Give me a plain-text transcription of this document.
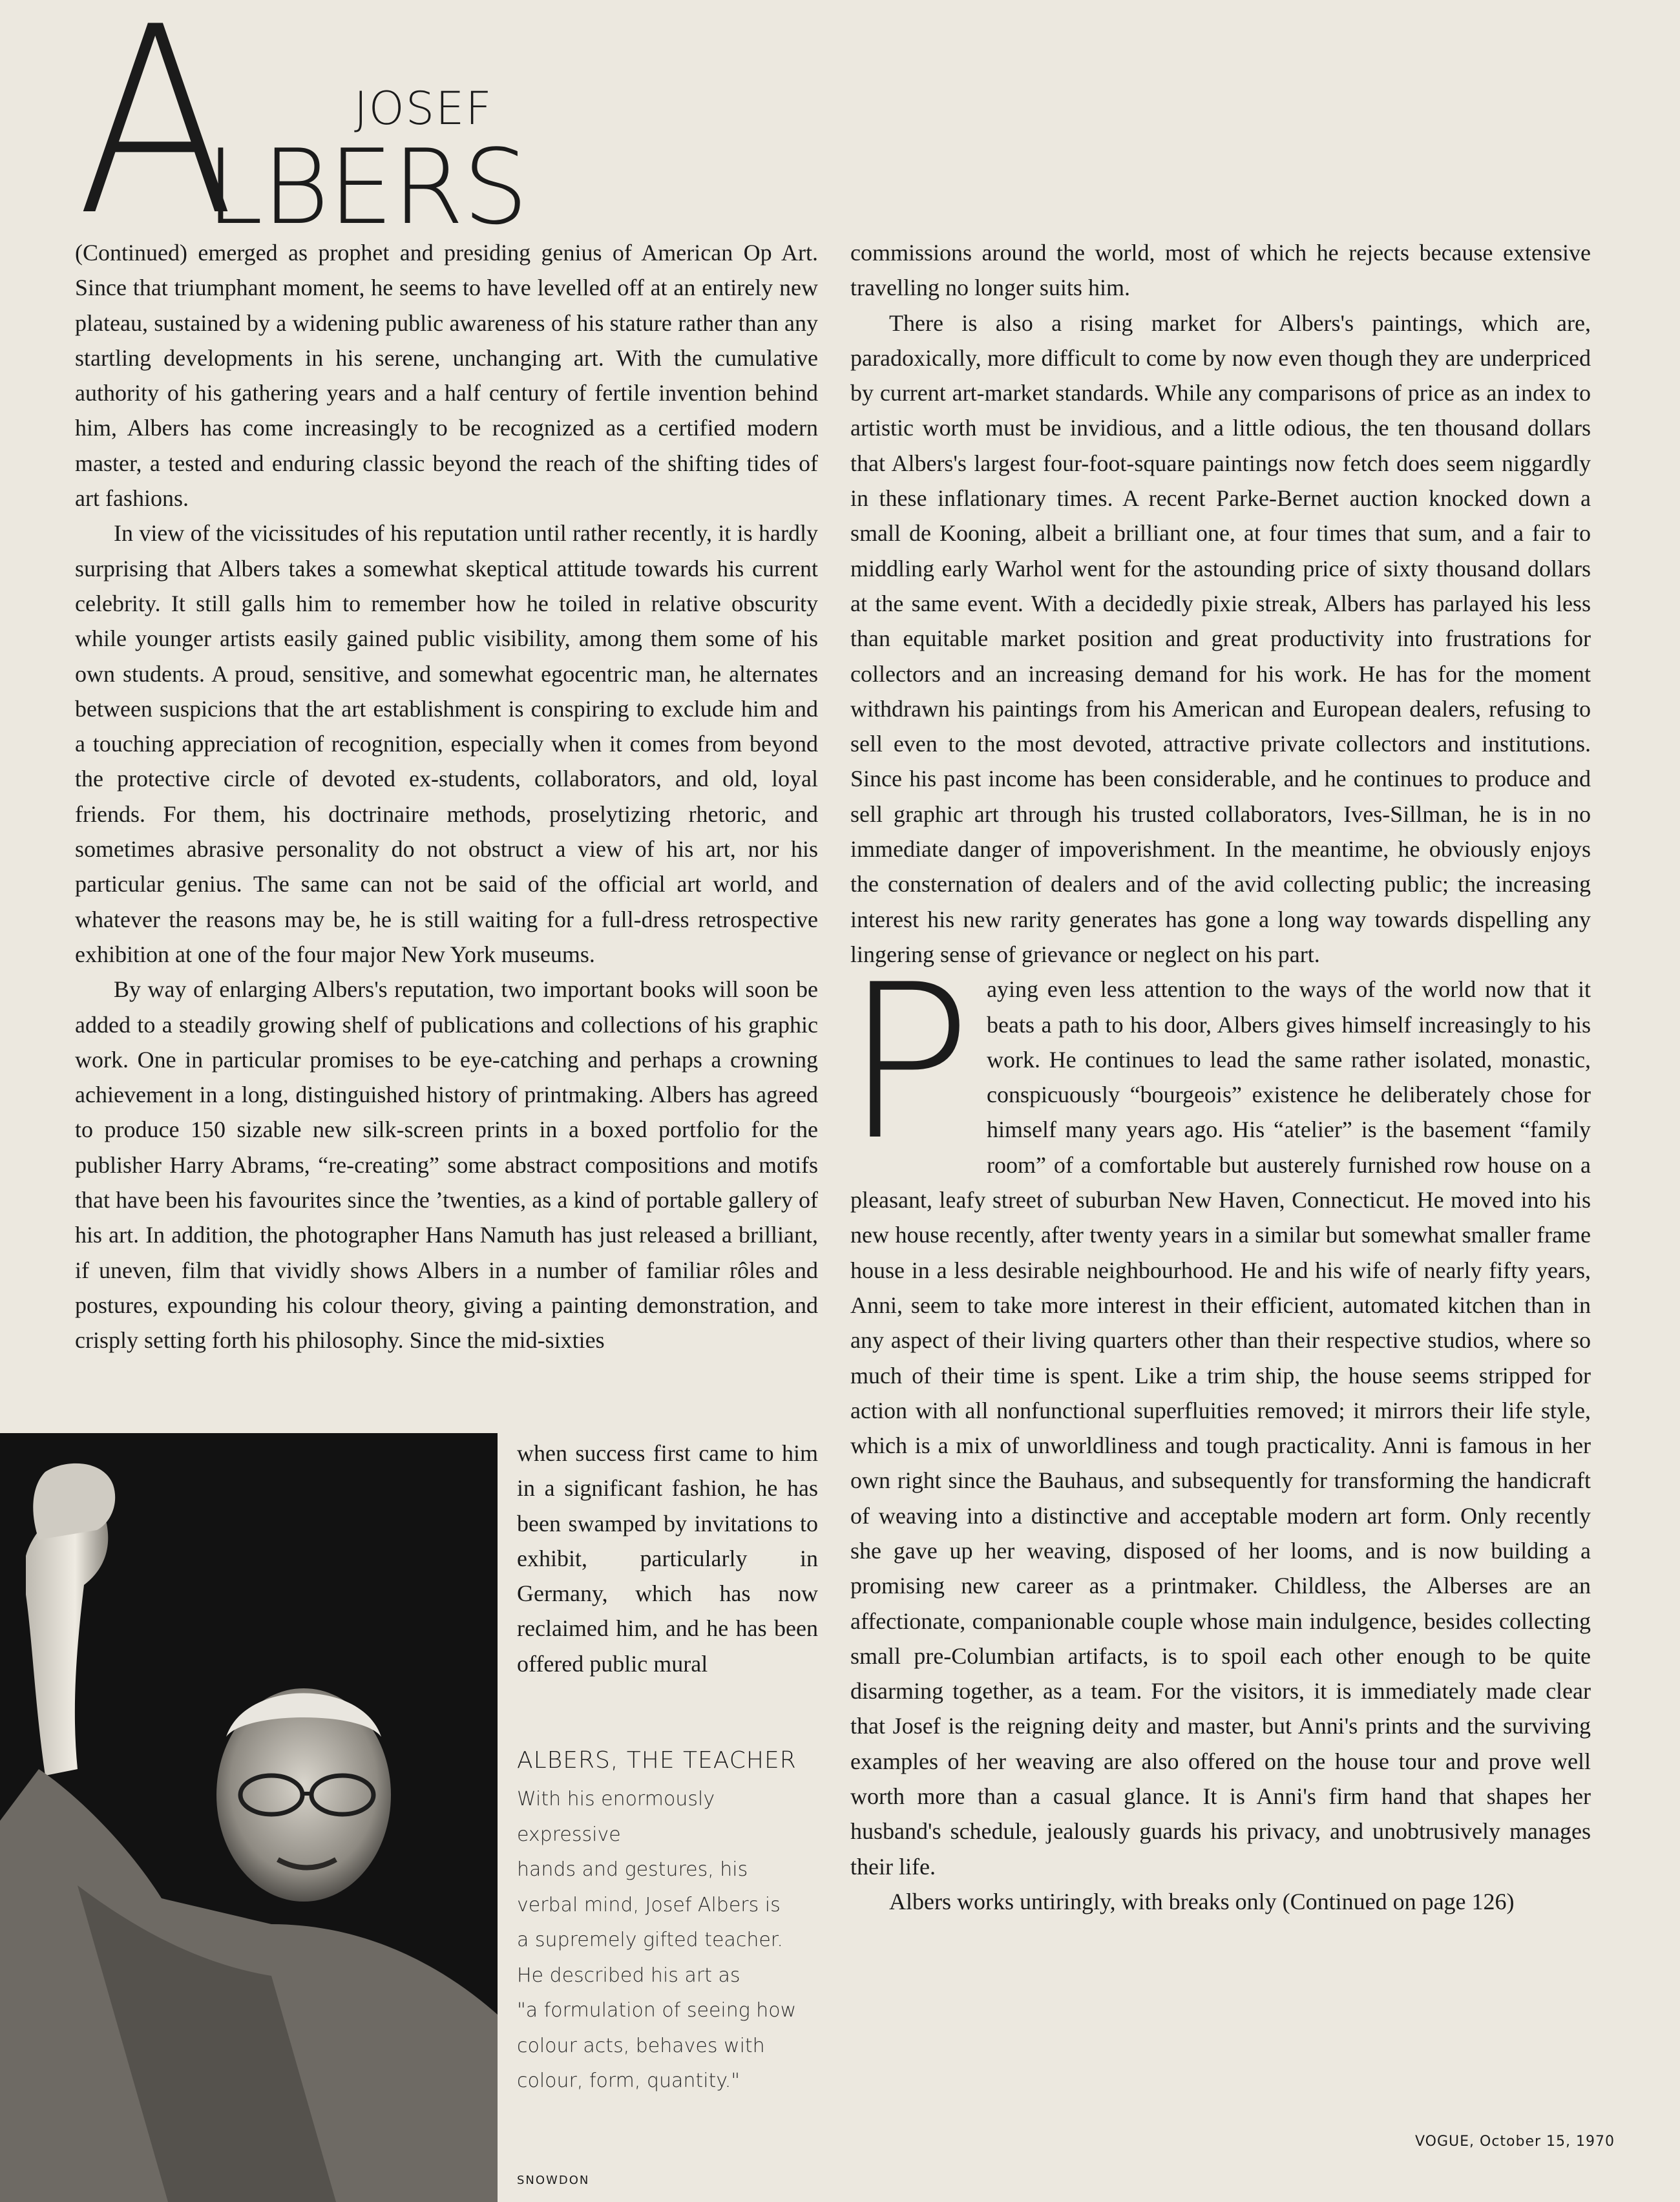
A	JOSEF
LBERS

(Continued) emerged as prophet and presiding genius of American Op Art. Since that triumphant moment, he seems to have levelled off at an entirely new plateau, sustained by a widening public awareness of his stature rather than any startling developments in his serene, unchanging art. With the cumulative authority of his gathering years and a half century of fertile invention behind him, Albers has come increasingly to be recognized as a certified modern master, a tested and enduring classic beyond the reach of the shifting tides of art fashions.

In view of the vicissitudes of his reputation until rather recently, it is hardly surprising that Albers takes a somewhat skeptical attitude towards his current celebrity. It still galls him to remember how he toiled in relative obscurity while younger artists easily gained public visibility, among them some of his own students. A proud, sensitive, and somewhat egocentric man, he alternates between suspicions that the art establishment is conspiring to exclude him and a touching appreciation of recognition, especially when it comes from beyond the protective circle of devoted ex-students, collaborators, and old, loyal friends. For them, his doctrinaire methods, proselytizing rhetoric, and sometimes abrasive personality do not obstruct a view of his art, nor his particular genius. The same can not be said of the official art world, and whatever the reasons may be, he is still waiting for a full-dress retrospective exhibition at one of the four major New York museums.

By way of enlarging Albers's reputation, two important books will soon be added to a steadily growing shelf of publications and collections of his graphic work. One in particular promises to be eye-catching and perhaps a crowning achievement in a long, distinguished history of printmaking. Albers has agreed to produce 150 sizable new silk-screen prints in a boxed portfolio for the publisher Harry Abrams, “re-creating” some abstract compositions and motifs that have been his favourites since the ’twenties, as a kind of portable gallery of his art. In addition, the photographer Hans Namuth has just released a brilliant, if uneven, film that vividly shows Albers in a number of familiar rôles and postures, expounding his colour theory, giving a painting demonstration, and crisply setting forth his philosophy. Since the mid-sixties

when success first came to him in a significant fashion, he has been swamped by invitations to exhibit, particularly in Germany, which has now reclaimed him, and he has been offered public mural

ALBERS, THE TEACHER
With his enormously expressive
hands and gestures, his
verbal mind, Josef Albers is
a supremely gifted teacher.
He described his art as
"a formulation of seeing how
colour acts, behaves with
colour, form, quantity."

commissions around the world, most of which he rejects because extensive travelling no longer suits him.

There is also a rising market for Albers's paintings, which are, paradoxically, more difficult to come by now even though they are underpriced by current art-market standards. While any comparisons of price as an index to artistic worth must be invidious, and a little odious, the ten thousand dollars that Albers's largest four-foot-square paintings now fetch does seem niggardly in these inflationary times. A recent Parke-Bernet auction knocked down a small de Kooning, albeit a brilliant one, at four times that sum, and a fair to middling early Warhol went for the astounding price of sixty thousand dollars at the same event. With a decidedly pixie streak, Albers has parlayed his less than equitable market position and great productivity into frustrations for collectors and an increasing demand for his work. He has for the moment withdrawn his paintings from his American and European dealers, refusing to sell even to the most devoted, attractive private collectors and institutions. Since his past income has been considerable, and he continues to produce and sell graphic art through his trusted collaborators, Ives-Sillman, he is in no immediate danger of impoverishment. In the meantime, he obviously enjoys the consternation of dealers and of the avid collecting public; the increasing interest his new rarity generates has gone a long way towards dispelling any lingering sense of grievance or neglect on his part.

Paying even less attention to the ways of the world now that it beats a path to his door, Albers gives himself increasingly to his work. He continues to lead the same rather isolated, monastic, conspicuously “bourgeois” existence he deliberately chose for himself many years ago. His “atelier” is the basement “family room” of a comfortable but austerely furnished row house on a pleasant, leafy street of suburban New Haven, Connecticut. He moved into his new house recently, after twenty years in a similar but somewhat smaller frame house in a less desirable neighbourhood. He and his wife of nearly fifty years, Anni, seem to take more interest in their efficient, automated kitchen than in any aspect of their living quarters other than their respective studios, where so much of their time is spent. Like a trim ship, the house seems stripped for action with all nonfunctional superfluities removed; it mirrors their life style, which is a mix of unworldliness and tough practicality. Anni is famous in her own right since the Bauhaus, and subsequently for transforming the handicraft of weaving into a distinctive and acceptable modern art form. Only recently she gave up her weaving, disposed of her looms, and is now building a promising new career as a printmaker. Childless, the Alberses are an affectionate, companionable couple whose main indulgence, besides collecting small pre-Columbian artifacts, is to spoil each other enough to be quite disarming together, as a team. For the visitors, it is immediately made clear that Josef is the reigning deity and master, but Anni's prints and the surviving examples of her weaving are also offered on the house tour and prove well worth more than a casual glance. It is Anni's firm hand that shapes her husband's schedule, jealously guards his privacy, and unobtrusively manages their life.

Albers works untiringly, with breaks only (Continued on page 126)

SNOWDON
VOGUE, October 15, 1970
